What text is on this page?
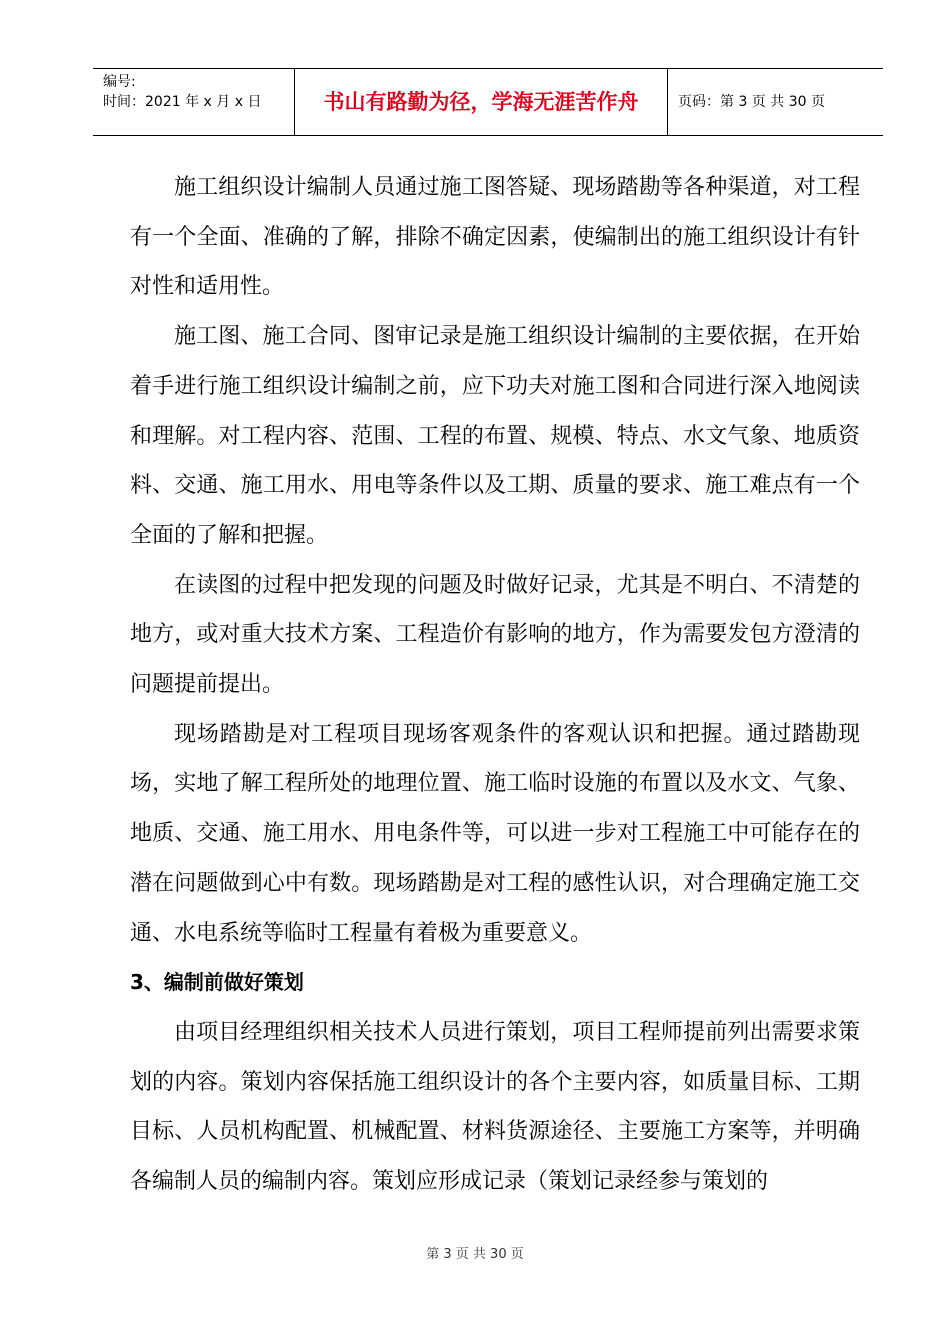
编号:
时间：2021 年 x 月 x 日	书山有路勤为径，学海无涯苦作舟	页码：第 3 页 共 30 页

施工组织设计编制人员通过施工图答疑、现场踏勘等各种渠道，对工程有一个全面、准确的了解，排除不确定因素，使编制出的施工组织设计有针对性和适用性。

施工图、施工合同、图审记录是施工组织设计编制的主要依据，在开始着手进行施工组织设计编制之前，应下功夫对施工图和合同进行深入地阅读和理解。对工程内容、范围、工程的布置、规模、特点、水文气象、地质资料、交通、施工用水、用电等条件以及工期、质量的要求、施工难点有一个全面的了解和把握。

在读图的过程中把发现的问题及时做好记录，尤其是不明白、不清楚的地方，或对重大技术方案、工程造价有影响的地方，作为需要发包方澄清的问题提前提出。

现场踏勘是对工程项目现场客观条件的客观认识和把握。通过踏勘现场，实地了解工程所处的地理位置、施工临时设施的布置以及水文、气象、地质、交通、施工用水、用电条件等，可以进一步对工程施工中可能存在的潜在问题做到心中有数。现场踏勘是对工程的感性认识，对合理确定施工交通、水电系统等临时工程量有着极为重要意义。

3、编制前做好策划

由项目经理组织相关技术人员进行策划，项目工程师提前列出需要求策划的内容。策划内容保括施工组织设计的各个主要内容，如质量目标、工期目标、人员机构配置、机械配置、材料货源途径、主要施工方案等，并明确各编制人员的编制内容。策划应形成记录（策划记录经参与策划的

第 3 页 共 30 页
